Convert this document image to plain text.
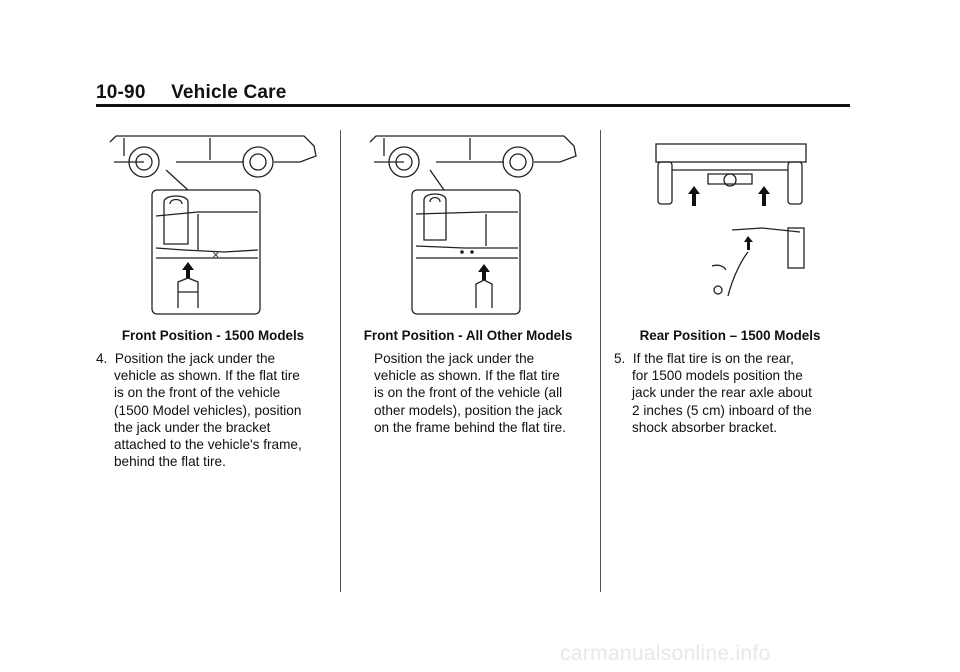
10-90 Vehicle Care
✕
Front Position - 1500 Models	Front Position - All Other Models	Rear Position – 1500 Models

4. Position the jack under the

vehicle as shown. If the flat tire

is on the front of the vehicle

(1500 Model vehicles), position

the jack under the bracket

attached to the vehicle's frame,

behind the flat tire.

Position the jack under the

vehicle as shown. If the flat tire

is on the front of the vehicle (all

other models), position the jack

on the frame behind the flat tire.

5. If the flat tire is on the rear,

for 1500 models position the

jack under the rear axle about

2 inches (5 cm) inboard of the

shock absorber bracket.

carmanualsonline.info
